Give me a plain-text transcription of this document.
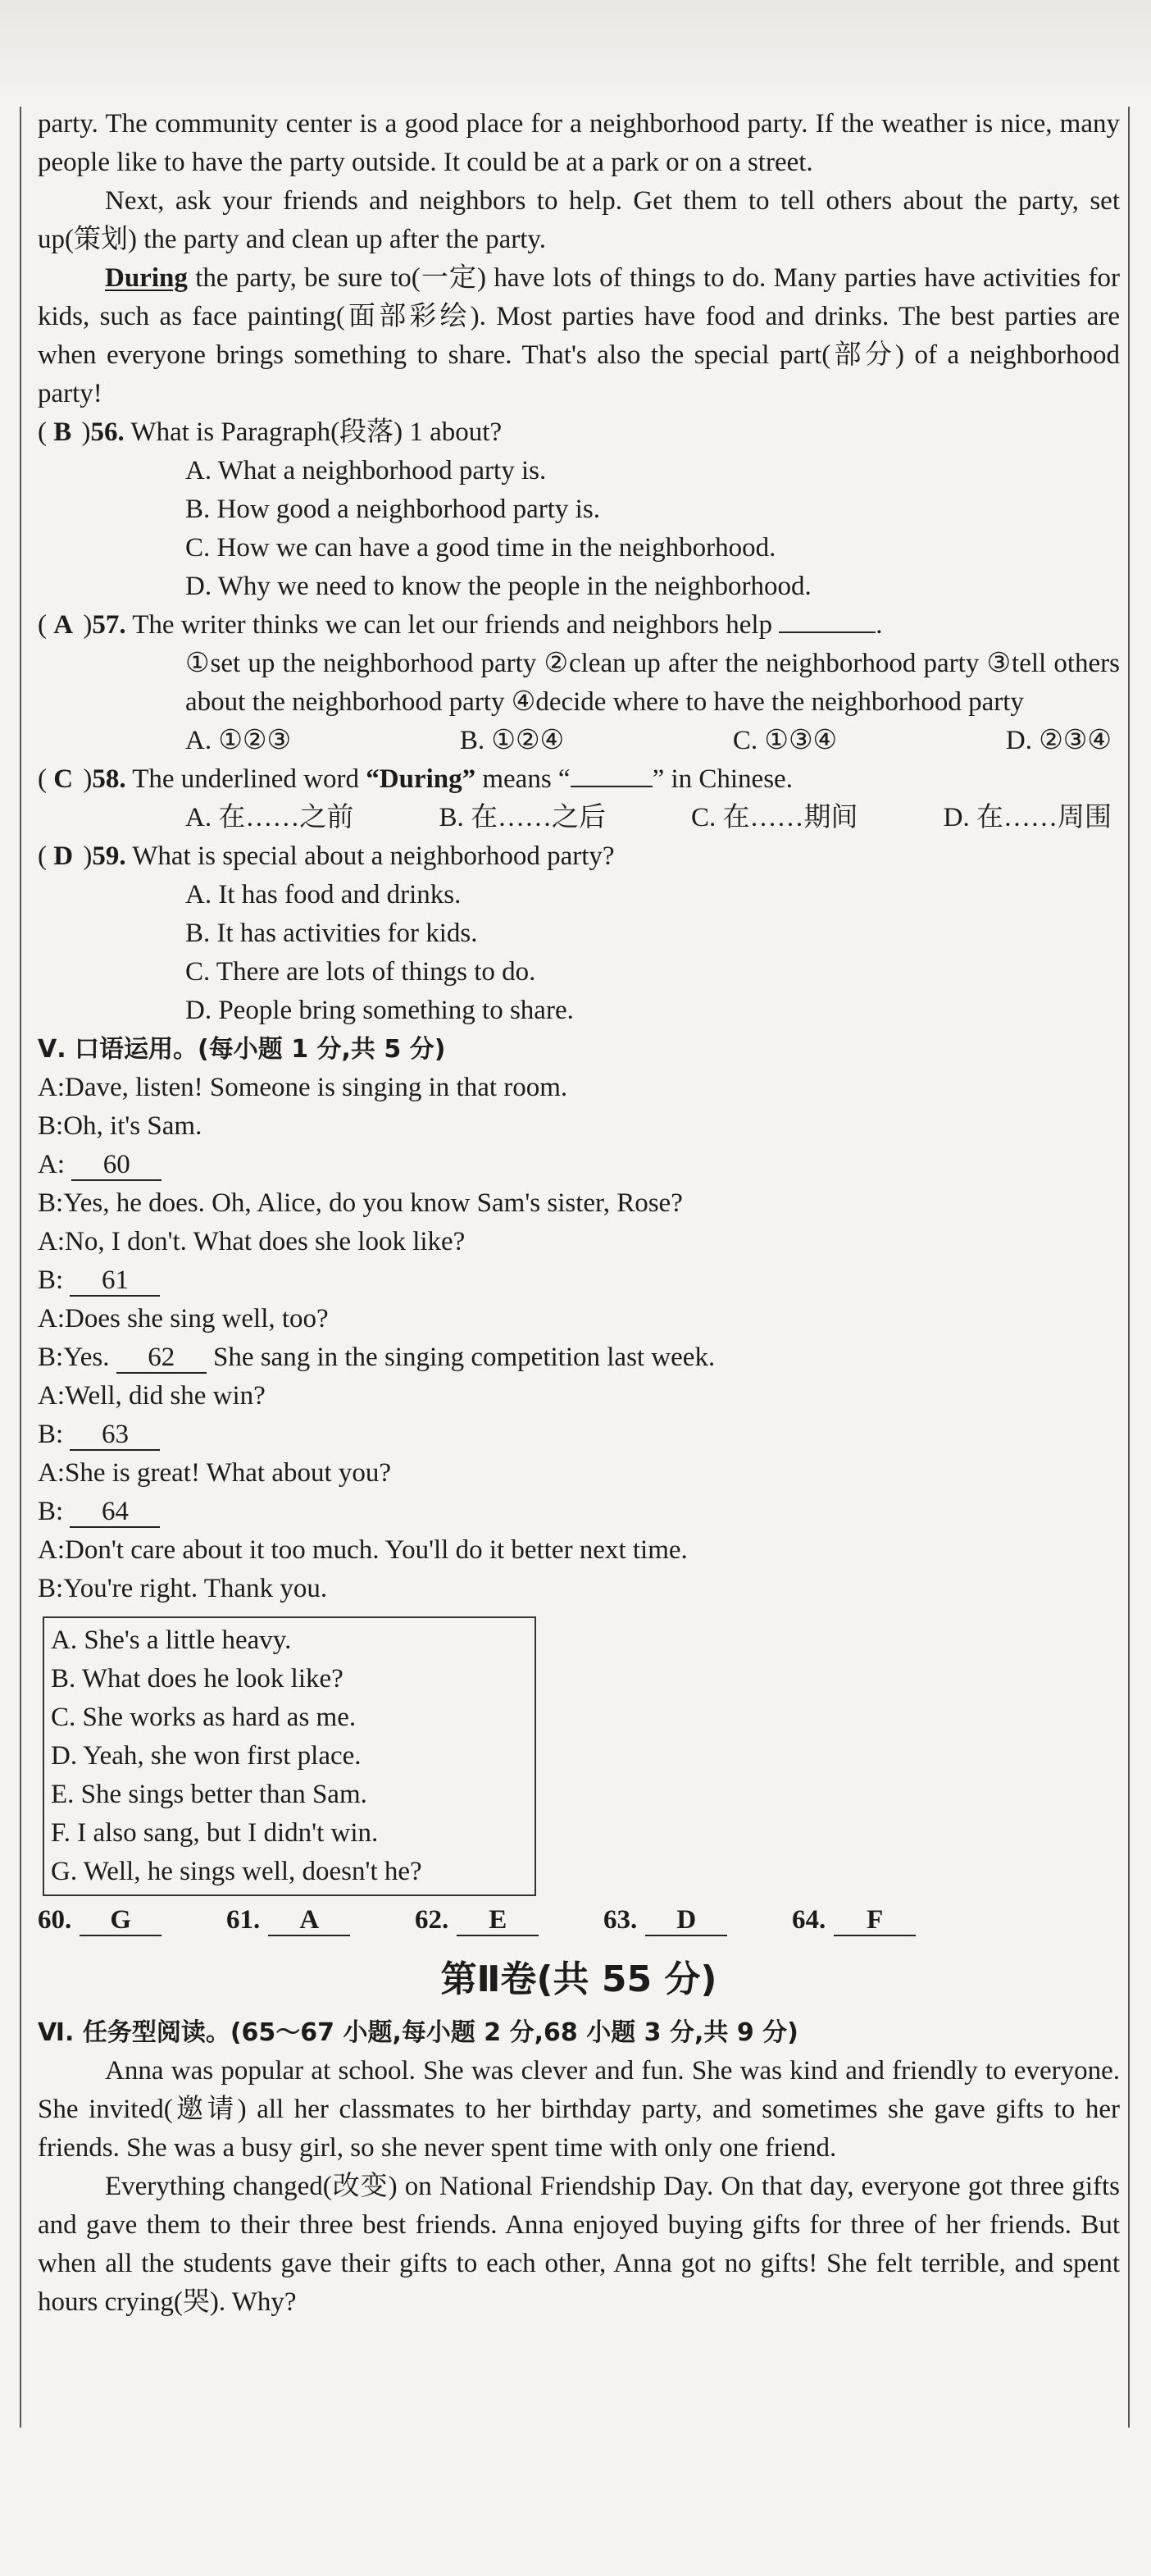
party. The community center is a good place for a neighborhood party. If the weather is nice, many people like to have the party outside. It could be at a park or on a street.

Next, ask your friends and neighbors to help. Get them to tell others about the party, set up(策划) the party and clean up after the party.

During the party, be sure to(一定) have lots of things to do. Many parties have activities for kids, such as face painting(面部彩绘). Most parties have food and drinks. The best parties are when everyone brings something to share. That's also the special part(部分) of a neighborhood party!

( B )56. What is Paragraph(段落) 1 about?
A. What a neighborhood party is.
B. How good a neighborhood party is.
C. How we can have a good time in the neighborhood.
D. Why we need to know the people in the neighborhood.
( A )57. The writer thinks we can let our friends and neighbors help	.
①set up the neighborhood party ②clean up after the neighborhood party ③tell others about the neighborhood party ④decide where to have the neighborhood party
A. ①②③	B. ①②④	C. ①③④	D. ②③④
( C )58. The underlined word “During” means “	” in Chinese.
A. 在……之前	B. 在……之后	C. 在……期间	D. 在……周围
( D )59. What is special about a neighborhood party?
A. It has food and drinks.
B. It has activities for kids.
C. There are lots of things to do.
D. People bring something to share.
Ⅴ. 口语运用。(每小题 1 分,共 5 分)
A:Dave, listen! Someone is singing in that room.
B:Oh, it's Sam.
A: 60
B:Yes, he does. Oh, Alice, do you know Sam's sister, Rose?
A:No, I don't. What does she look like?
B: 61
A:Does she sing well, too?
B:Yes. 62 She sang in the singing competition last week.
A:Well, did she win?
B: 63
A:She is great! What about you?
B: 64
A:Don't care about it too much. You'll do it better next time.
B:You're right. Thank you.
A. She's a little heavy.
B. What does he look like?
C. She works as hard as me.
D. Yeah, she won first place.
E. She sings better than Sam.
F. I also sang, but I didn't win.
G. Well, he sings well, doesn't he?
60. G	61. A	62. E	63. D	64. F
第Ⅱ卷(共 55 分)
Ⅵ. 任务型阅读。(65～67 小题,每小题 2 分,68 小题 3 分,共 9 分)

Anna was popular at school. She was clever and fun. She was kind and friendly to everyone. She invited(邀请) all her classmates to her birthday party, and sometimes she gave gifts to her friends. She was a busy girl, so she never spent time with only one friend.

Everything changed(改变) on National Friendship Day. On that day, everyone got three gifts and gave them to their three best friends. Anna enjoyed buying gifts for three of her friends. But when all the students gave their gifts to each other, Anna got no gifts! She felt terrible, and spent hours crying(哭). Why?
